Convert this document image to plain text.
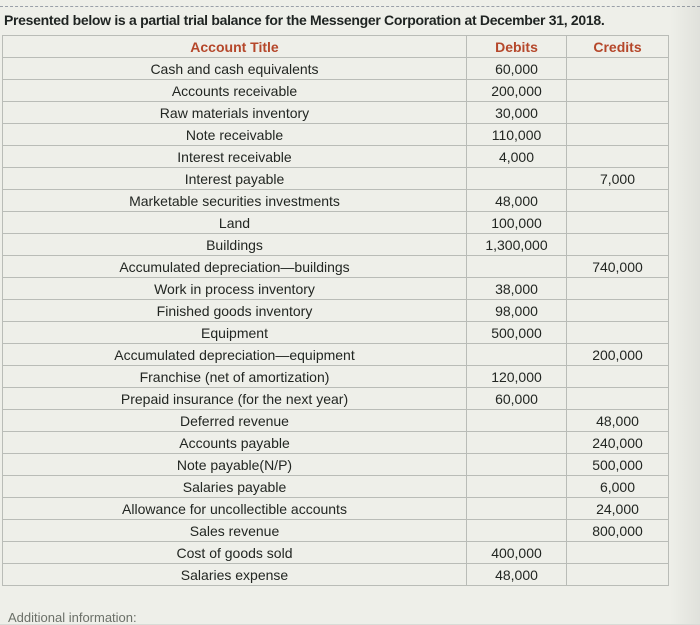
Presented below is a partial trial balance for the Messenger Corporation at December 31, 2018.
Account Title	Debits	Credits
Cash and cash equivalents	60,000	
Accounts receivable	200,000	
Raw materials inventory	30,000	
Note receivable	110,000	
Interest receivable	4,000	
Interest payable		7,000
Marketable securities investments	48,000	
Land	100,000	
Buildings	1,300,000	
Accumulated depreciation—buildings		740,000
Work in process inventory	38,000	
Finished goods inventory	98,000	
Equipment	500,000	
Accumulated depreciation—equipment		200,000
Franchise (net of amortization)	120,000	
Prepaid insurance (for the next year)	60,000	
Deferred revenue		48,000
Accounts payable		240,000
Note payable(N/P)		500,000
Salaries payable		6,000
Allowance for uncollectible accounts		24,000
Sales revenue		800,000
Cost of goods sold	400,000	
Salaries expense	48,000	
Additional information:
